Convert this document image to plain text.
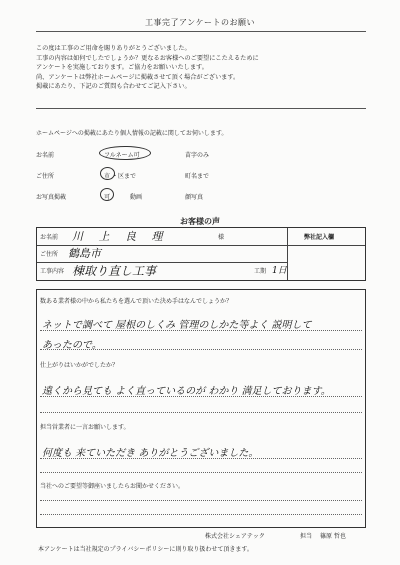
工事完了アンケートのお願い
この度は工事のご用命を賜りありがとうございました。
工事の内容は如何でしたでしょうか？更なるお客様へのご要望にこたえるために
アンケートを実施しております。ご協力をお願いいたします。
尚、アンケートは弊社ホームページに掲載させて頂く場合がございます。
掲載にあたり、下記のご質問も合わせてご記入下さい。
ホームページへの掲載にあたり個人情報の記載に関してお伺いします。
お名前	フルネーム可	苗字のみ
ご住所	市 ・区まで	町名まで
お写真掲載	可	動画	顔写真
お客様の声
お名前 川 上 良 理	様	弊社記入欄
ご住所 鶴島市
工事内容 棟取り直し工事	工期 1日
数ある業者様の中から私たちを選んで頂いた決め手はなんでしょうか？
ネットで調べて 屋根のしくみ 管理のしかた等よく 説明して
あったので。
仕上がりはいかがでしたか？
遠くから見ても よく直っているのが わかり 満足しております。
担当営業者に一言お願いします。
何度も 来ていただき ありがとうございました。
当社へのご要望等御座いましたらお聞かせください。
株式会社シェアテック	担当 篠原 哲也
本アンケートは当社規定のプライバシーポリシーに則り取り扱わせて頂きます。
